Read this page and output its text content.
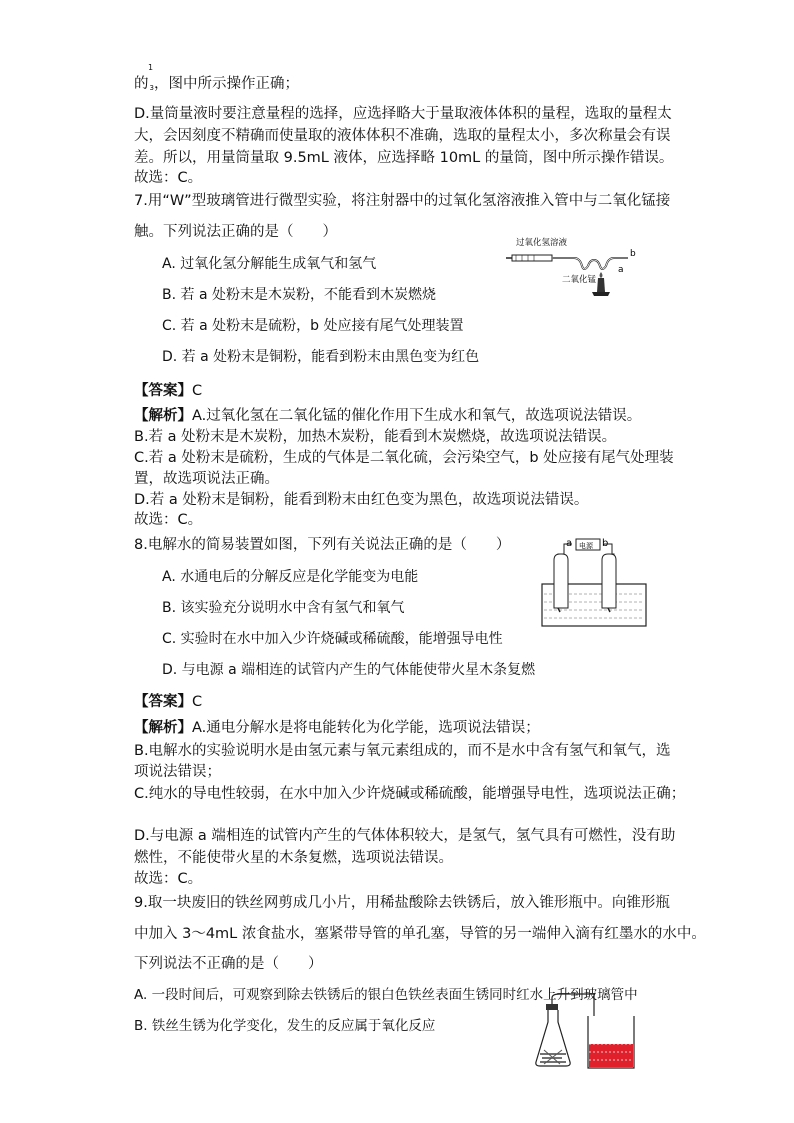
1
的3，图中所示操作正确；
D.量筒量液时要注意量程的选择，应选择略大于量取液体体积的量程，选取的量程太
大，会因刻度不精确而使量取的液体体积不准确，选取的量程太小，多次称量会有误
差。所以，用量筒量取 9.5mL 液体，应选择略 10mL 的量筒，图中所示操作错误。
故选：C。
7.用“W”型玻璃管进行微型实验，将注射器中的过氧化氢溶液推入管中与二氧化锰接
触。下列说法正确的是（　　）
A. 过氧化氢分解能生成氧气和氢气
B. 若 a 处粉末是木炭粉，不能看到木炭燃烧
C. 若 a 处粉末是硫粉，b 处应接有尾气处理装置
D. 若 a 处粉末是铜粉，能看到粉末由黑色变为红色
过氧化氢溶液
b
a
二氧化锰
【答案】C
【解析】A.过氧化氢在二氧化锰的催化作用下生成水和氧气，故选项说法错误。
B.若 a 处粉末是木炭粉，加热木炭粉，能看到木炭燃烧，故选项说法错误。
C.若 a 处粉末是硫粉，生成的气体是二氧化硫，会污染空气，b 处应接有尾气处理装
置，故选项说法正确。
D.若 a 处粉末是铜粉，能看到粉末由红色变为黑色，故选项说法错误。
故选：C。
8.电解水的简易装置如图，下列有关说法正确的是（　　）
A. 水通电后的分解反应是化学能变为电能
B. 该实验充分说明水中含有氢气和氧气
C. 实验时在水中加入少许烧碱或稀硫酸，能增强导电性
D. 与电源 a 端相连的试管内产生的气体能使带火星木条复燃
a	b
电源
【答案】C
【解析】A.通电分解水是将电能转化为化学能，选项说法错误；
B.电解水的实验说明水是由氢元素与氧元素组成的，而不是水中含有氢气和氧气，选
项说法错误；
C.纯水的导电性较弱，在水中加入少许烧碱或稀硫酸，能增强导电性，选项说法正确；
D.与电源 a 端相连的试管内产生的气体体积较大，是氢气，氢气具有可燃性，没有助
燃性，不能使带火星的木条复燃，选项说法错误。
故选：C。
9.取一块废旧的铁丝网剪成几小片，用稀盐酸除去铁锈后，放入锥形瓶中。向锥形瓶
中加入 3～4mL 浓食盐水，塞紧带导管的单孔塞，导管的另一端伸入滴有红墨水的水中。
下列说法不正确的是（　　）
A. 一段时间后，可观察到除去铁锈后的银白色铁丝表面生锈同时红水上升到玻璃管中
B. 铁丝生锈为化学变化，发生的反应属于氧化反应
